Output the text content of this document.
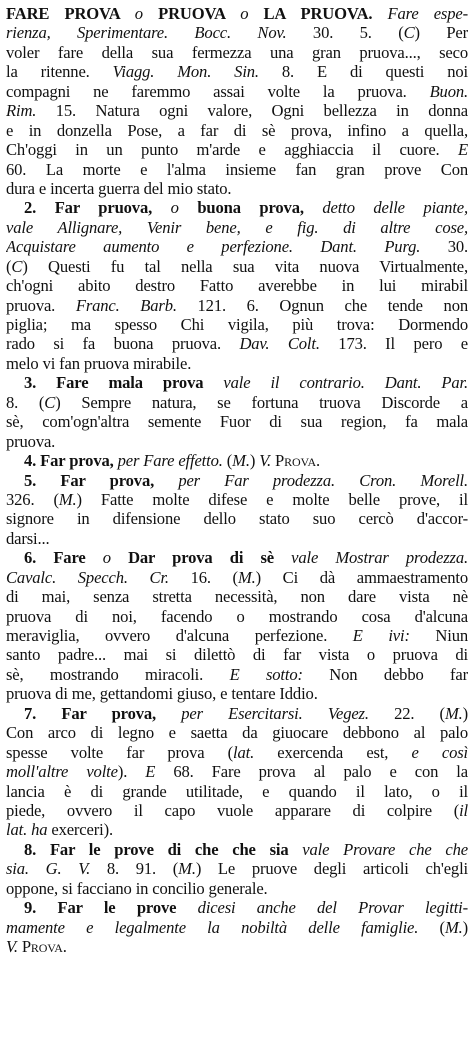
FARE PROVA o PRUOVA o LA PRUOVA. Fare espe-
rienza, Sperimentare. Bocc. Nov. 30. 5. (C) Per
voler fare della sua fermezza una gran pruova..., seco
la ritenne. Viagg. Mon. Sin. 8. E di questi noi
compagni ne faremmo assai volte la pruova. Buon.
Rim. 15. Natura ogni valore, Ogni bellezza in donna
e in donzella Pose, a far di sè prova, infino a quella,
Ch'oggi in un punto m'arde e agghiaccia il cuore. E
60. La morte e l'alma insieme fan gran prove Con
dura e incerta guerra del mio stato.
2. Far pruova, o buona prova, detto delle piante,
vale Allignare, Venir bene, e fig. di altre cose,
Acquistare aumento e perfezione. Dant. Purg. 30.
(C) Questi fu tal nella sua vita nuova Virtualmente,
ch'ogni abito destro Fatto averebbe in lui mirabil
pruova. Franc. Barb. 121. 6. Ognun che tende non
piglia; ma spesso Chi vigila, più trova: Dormendo
rado si fa buona pruova. Dav. Colt. 173. Il pero e
melo vi fan pruova mirabile.
3. Fare mala prova vale il contrario. Dant. Par.
8. (C) Sempre natura, se fortuna truova Discorde a
sè, com'ogn'altra semente Fuor di sua region, fa mala
pruova.
4. Far prova, per Fare effetto. (M.) V. Prova.
5. Far prova, per Far prodezza. Cron. Morell.
326. (M.) Fatte molte difese e molte belle prove, il
signore in difensione dello stato suo cercò d'accor-
darsi...
6. Fare o Dar prova di sè vale Mostrar prodezza.
Cavalc. Specch. Cr. 16. (M.) Ci dà ammaestramento
di mai, senza stretta necessità, non dare vista nè
pruova di noi, facendo o mostrando cosa d'alcuna
meraviglia, ovvero d'alcuna perfezione. E ivi: Niun
santo padre... mai si dilettò di far vista o pruova di
sè, mostrando miracoli. E sotto: Non debbo far
pruova di me, gettandomi giuso, e tentare Iddio.
7. Far prova, per Esercitarsi. Vegez. 22. (M.)
Con arco di legno e saetta da giuocare debbono al palo
spesse volte far prova (lat. exercenda est, e così
moll'altre volte). E 68. Fare prova al palo e con la
lancia è di grande utilitade, e quando il lato, o il
piede, ovvero il capo vuole apparare di colpire (il
lat. ha exerceri).
8. Far le prove di che che sia vale Provare che che
sia. G. V. 8. 91. (M.) Le pruove degli articoli ch'egli
oppone, si facciano in concilio generale.
9. Far le prove dicesi anche del Provar legitti-
mamente e legalmente la nobiltà delle famiglie. (M.)
V. Prova.
